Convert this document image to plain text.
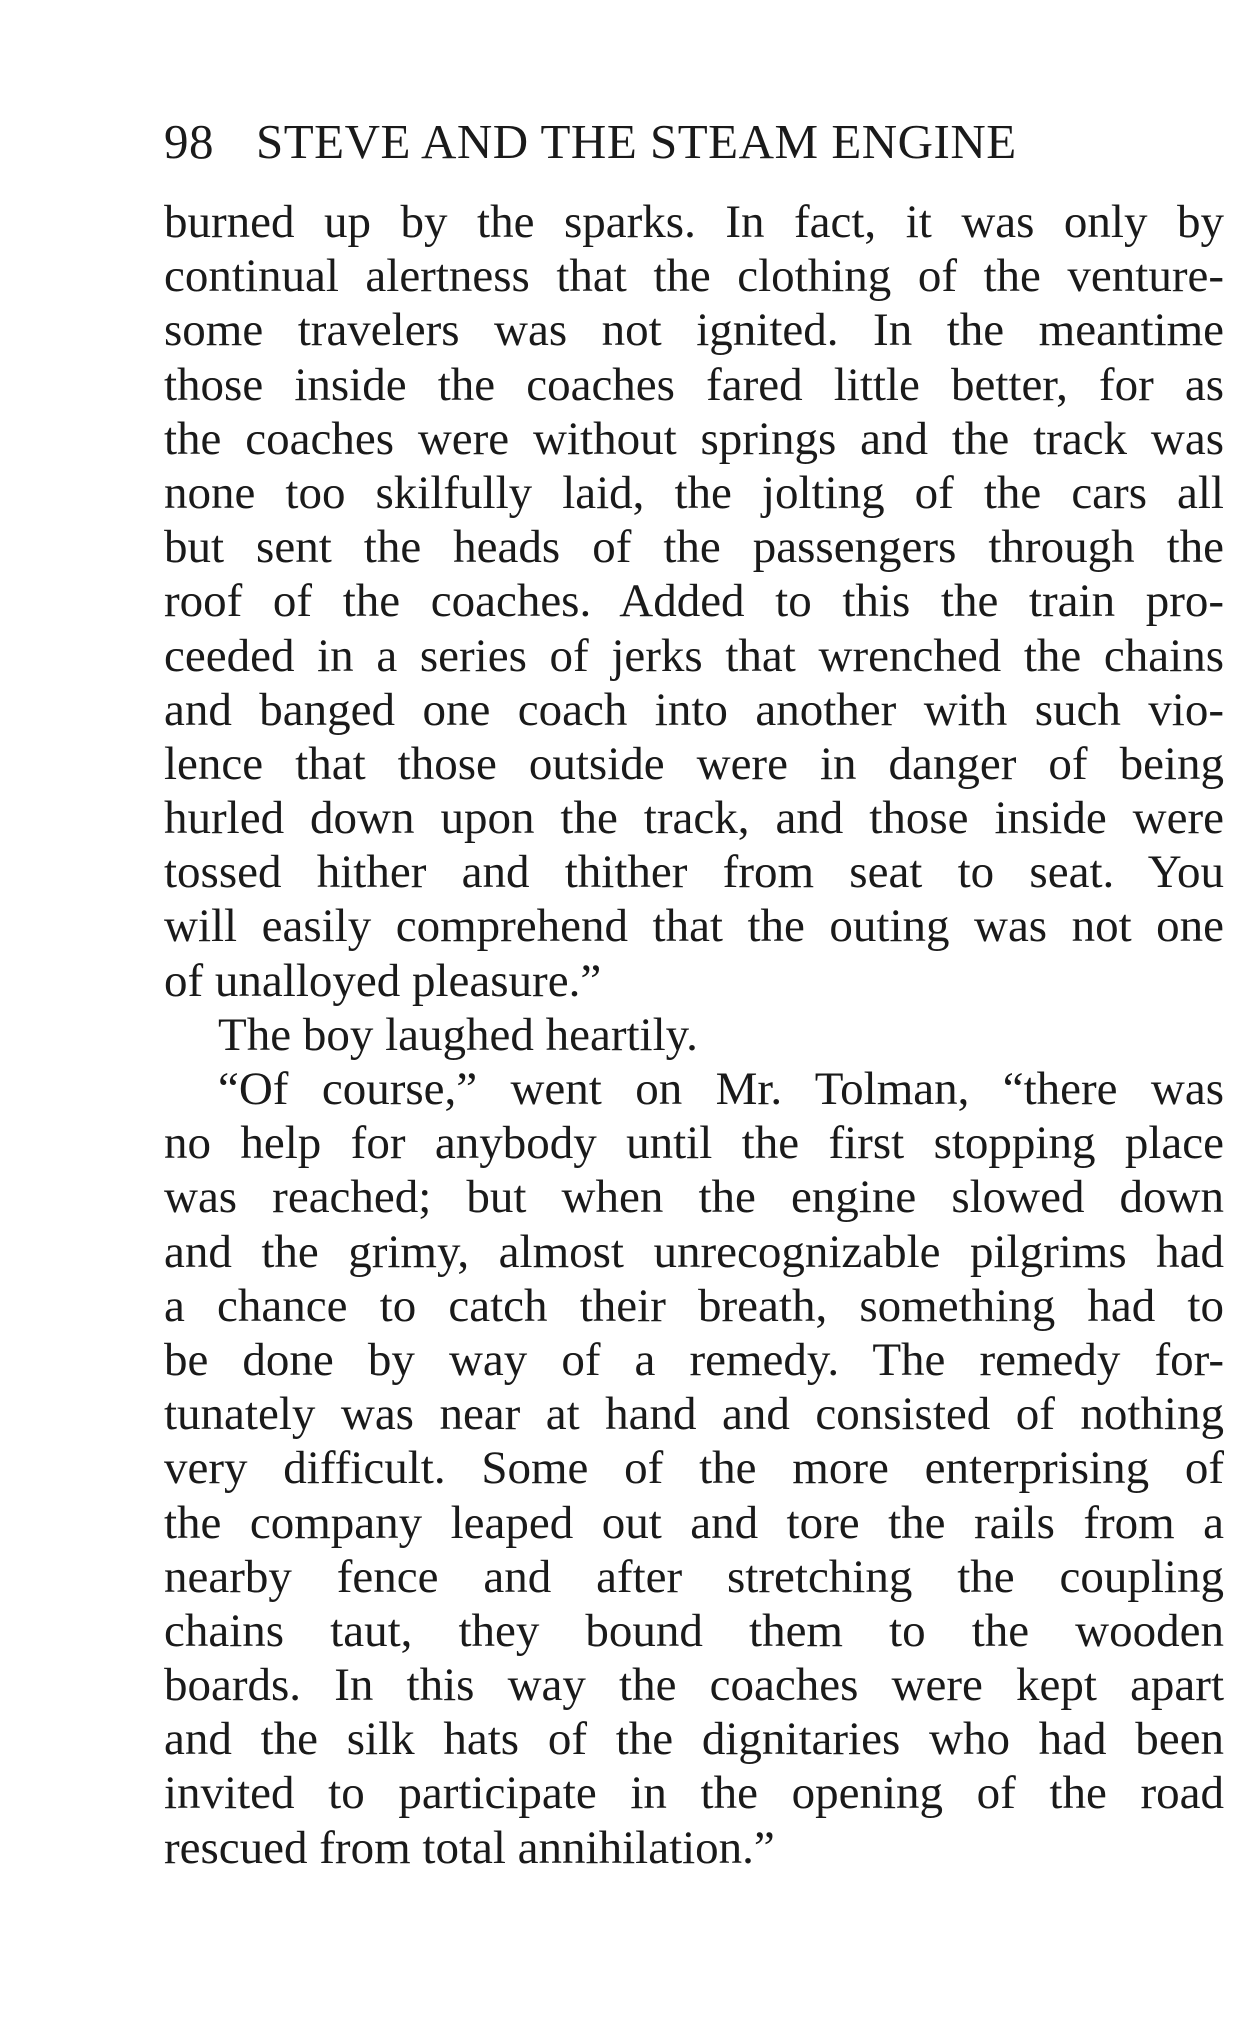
98 STEVE AND THE STEAM ENGINE
burned up by the sparks. In fact, it was only by
continual alertness that the clothing of the venture-
some travelers was not ignited. In the meantime
those inside the coaches fared little better, for as
the coaches were without springs and the track was
none too skilfully laid, the jolting of the cars all
but sent the heads of the passengers through the
roof of the coaches. Added to this the train pro-
ceeded in a series of jerks that wrenched the chains
and banged one coach into another with such vio-
lence that those outside were in danger of being
hurled down upon the track, and those inside were
tossed hither and thither from seat to seat. You
will easily comprehend that the outing was not one
of unalloyed pleasure.”
The boy laughed heartily.
“Of course,” went on Mr. Tolman, “there was
no help for anybody until the first stopping place
was reached; but when the engine slowed down
and the grimy, almost unrecognizable pilgrims had
a chance to catch their breath, something had to
be done by way of a remedy. The remedy for-
tunately was near at hand and consisted of nothing
very difficult. Some of the more enterprising of
the company leaped out and tore the rails from a
nearby fence and after stretching the coupling
chains taut, they bound them to the wooden
boards. In this way the coaches were kept apart
and the silk hats of the dignitaries who had been
invited to participate in the opening of the road
rescued from total annihilation.”
